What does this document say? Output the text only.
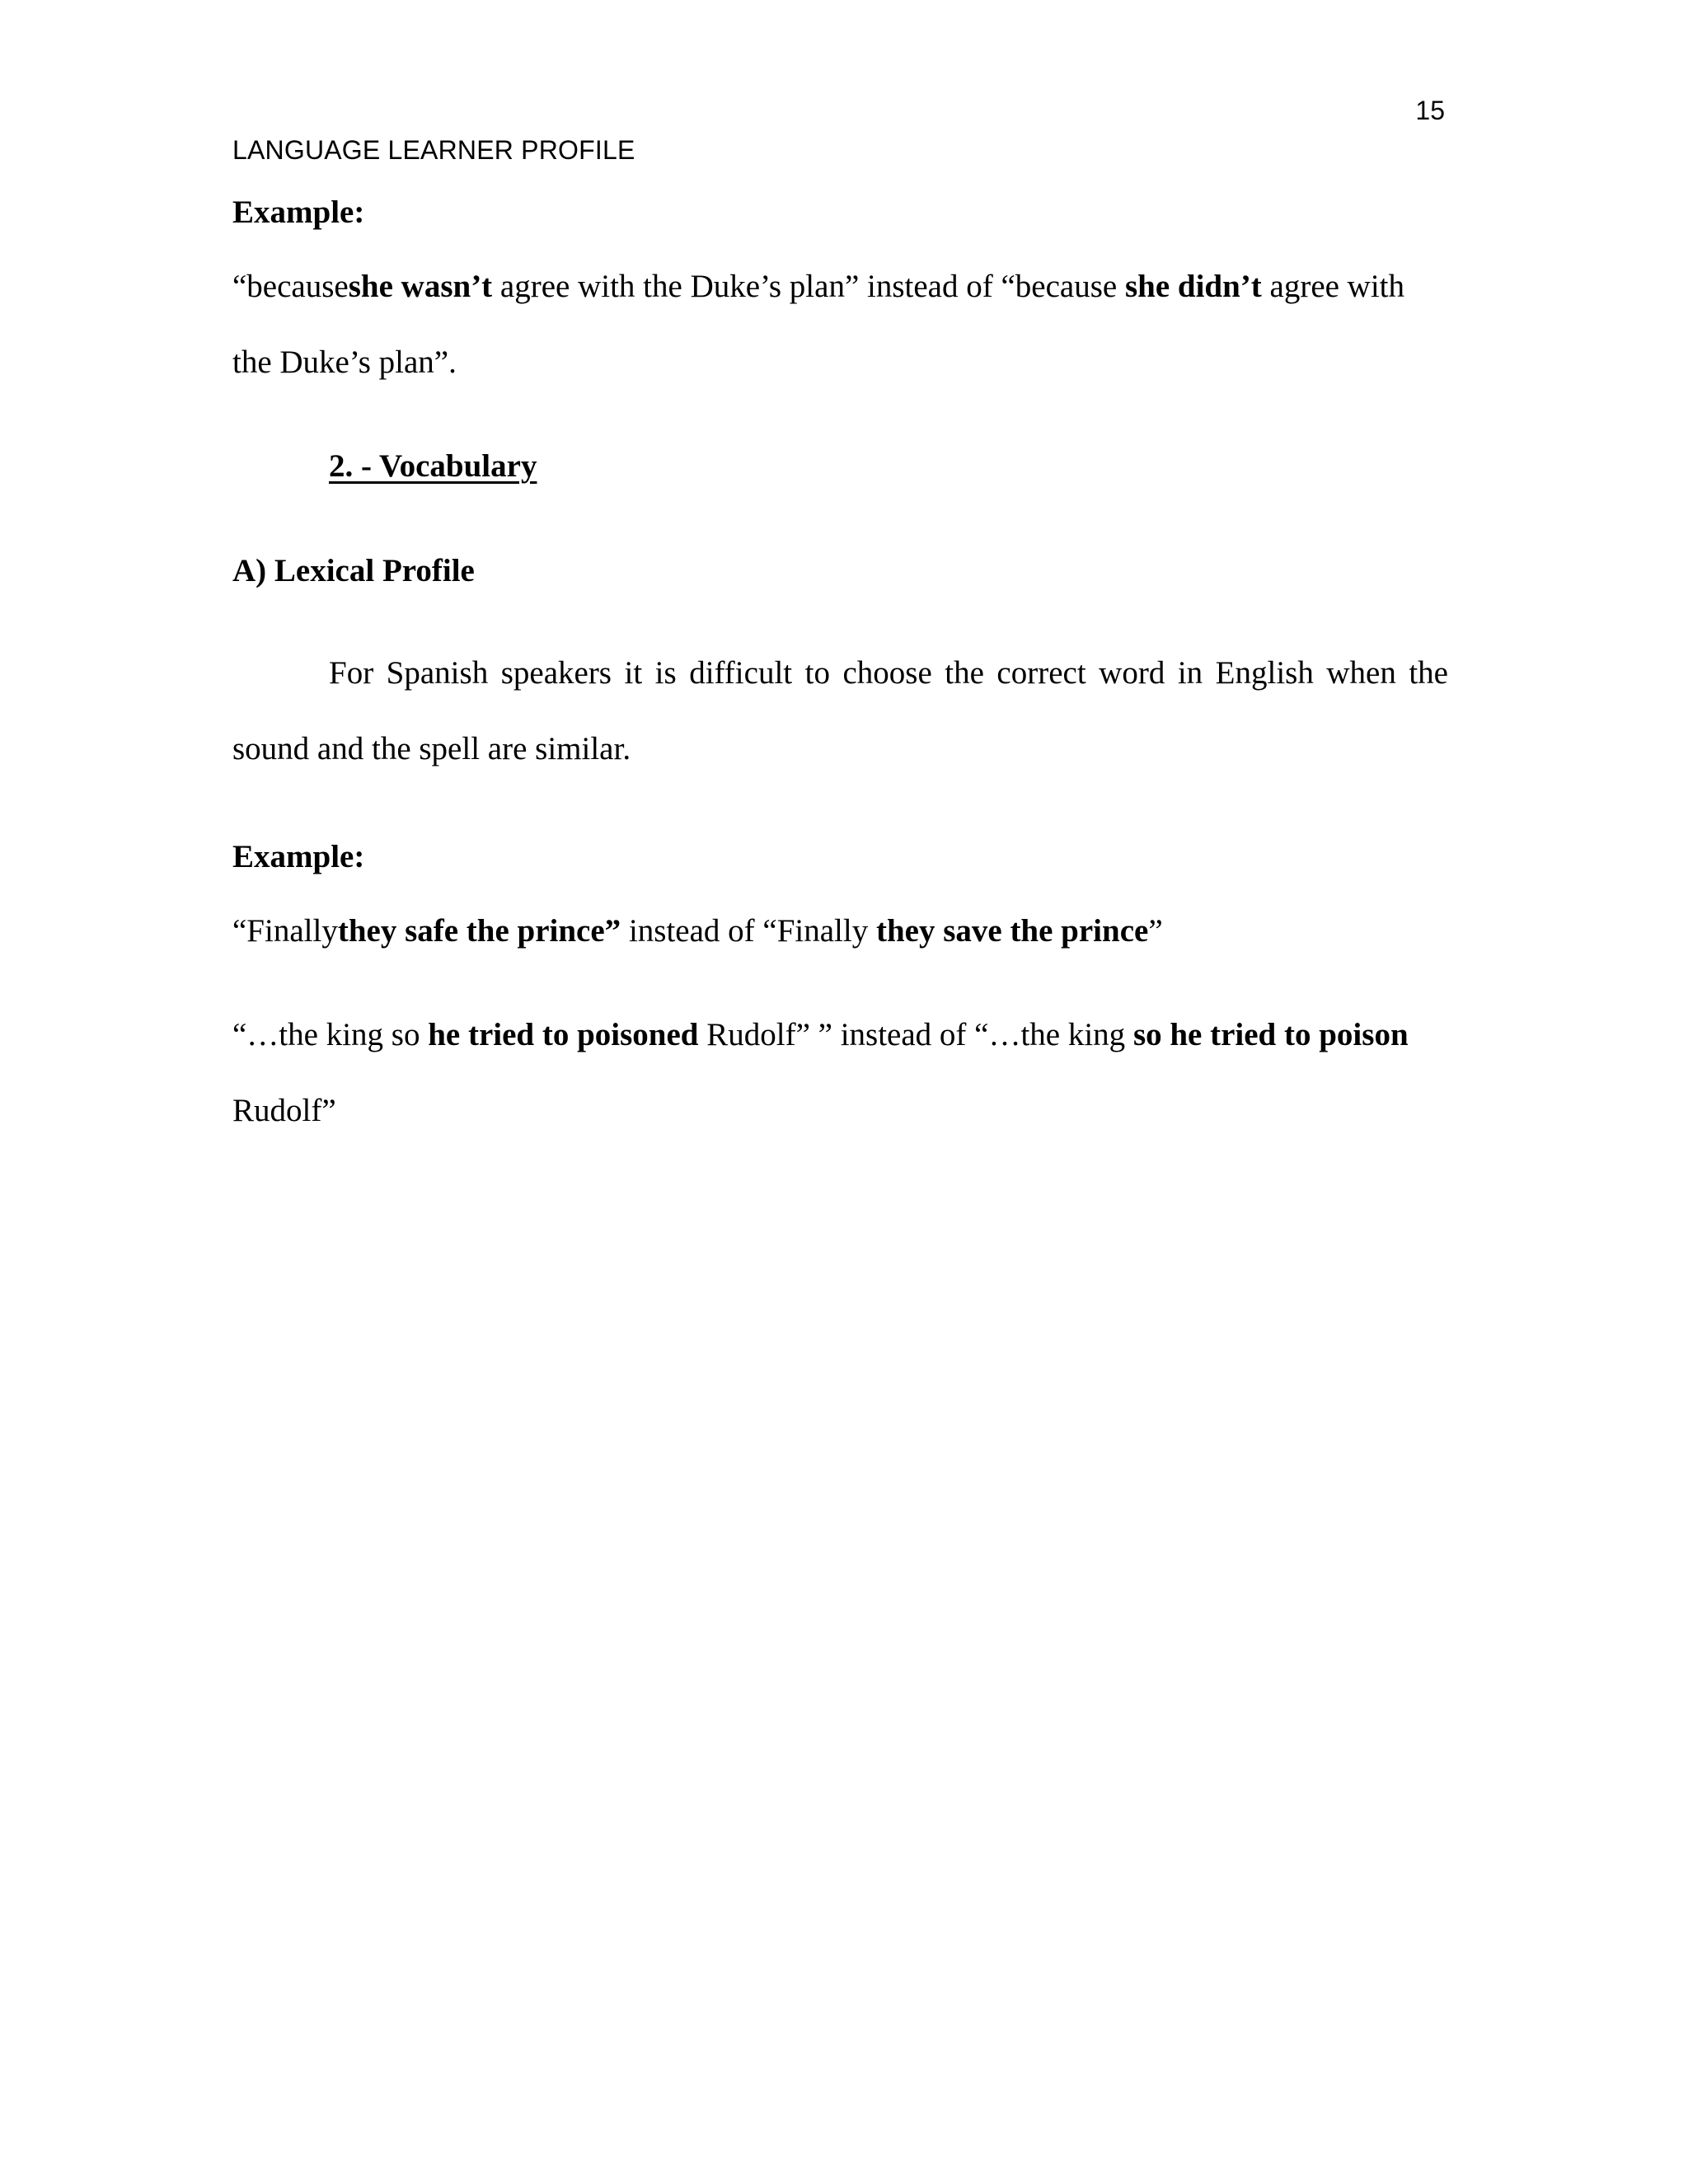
15
LANGUAGE LEARNER PROFILE
Example:
“becauseshe wasn’t agree with the Duke’s plan” instead of “because she didn’t agree with
the Duke’s plan”.
2. - Vocabulary
A) Lexical Profile
For Spanish speakers it is difficult to choose the correct word in English when the sound and the spell are similar.
Example:
“Finallythey safe the prince” instead of “Finally they save the prince”
“…the king so he tried to poisoned Rudolf” ” instead of “…the king so he tried to poison
Rudolf”
